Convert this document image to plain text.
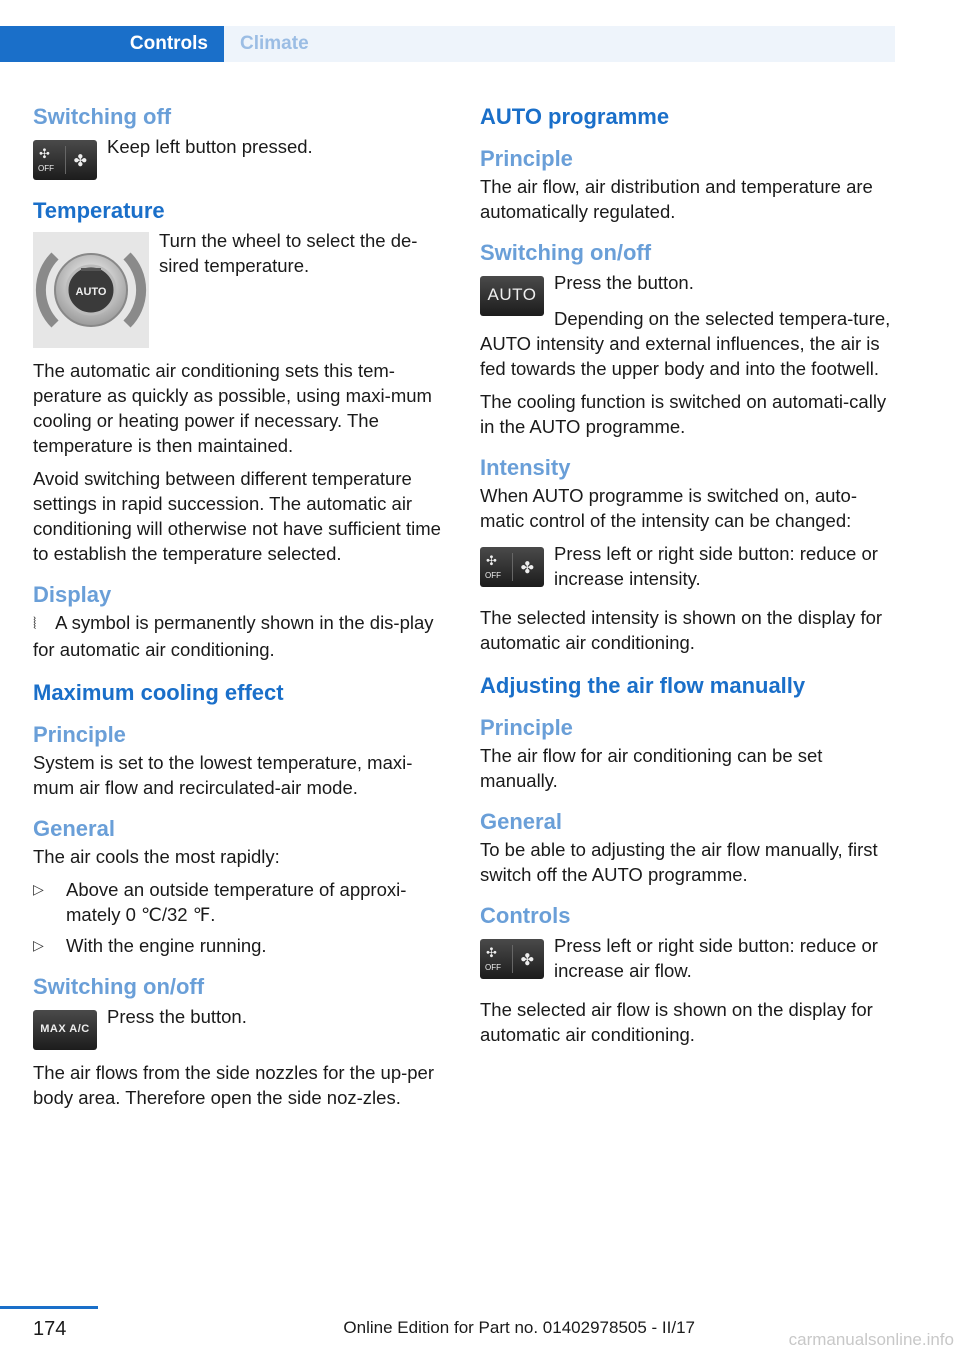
Controls	Climate
Switching off
✣
OFF ✤

Keep left button pressed.

Temperature
AUTO

Turn the wheel to select the de‐sired temperature.

The automatic air conditioning sets this tem‐perature as quickly as possible, using maxi‐mum cooling or heating power if necessary. The temperature is then maintained.

Avoid switching between different temperature settings in rapid succession. The automatic air conditioning will otherwise not have sufficient time to establish the temperature selected.

Display

⦚ A symbol is permanently shown in the dis‐play for automatic air conditioning.

Maximum cooling effect
Principle

System is set to the lowest temperature, maxi‐mum air flow and recirculated-air mode.

General

The air cools the most rapidly:

▷ Above an outside temperature of approxi‐mately 0 ℃/32 ℉.
▷ With the engine running.
Switching on/off
MAX A/C

Press the button.

The air flows from the side nozzles for the up‐per body area. Therefore open the side noz‐zles.

AUTO programme
Principle

The air flow, air distribution and temperature are automatically regulated.

Switching on/off
AUTO

Press the button.

Depending on the selected tempera‐ture, AUTO intensity and external influences, the air is fed towards the upper body and into the footwell.

The cooling function is switched on automati‐cally in the AUTO programme.

Intensity

When AUTO programme is switched on, auto‐matic control of the intensity can be changed:

✣
OFF ✤

Press left or right side button: reduce or increase intensity.

The selected intensity is shown on the display for automatic air conditioning.

Adjusting the air flow manually
Principle

The air flow for air conditioning can be set manually.

General

To be able to adjusting the air flow manually, first switch off the AUTO programme.

Controls
✣
OFF ✤

Press left or right side button: reduce or increase air flow.

The selected air flow is shown on the display for automatic air conditioning.

174	Online Edition for Part no. 01402978505 - II/17
carmanualsonline.info
